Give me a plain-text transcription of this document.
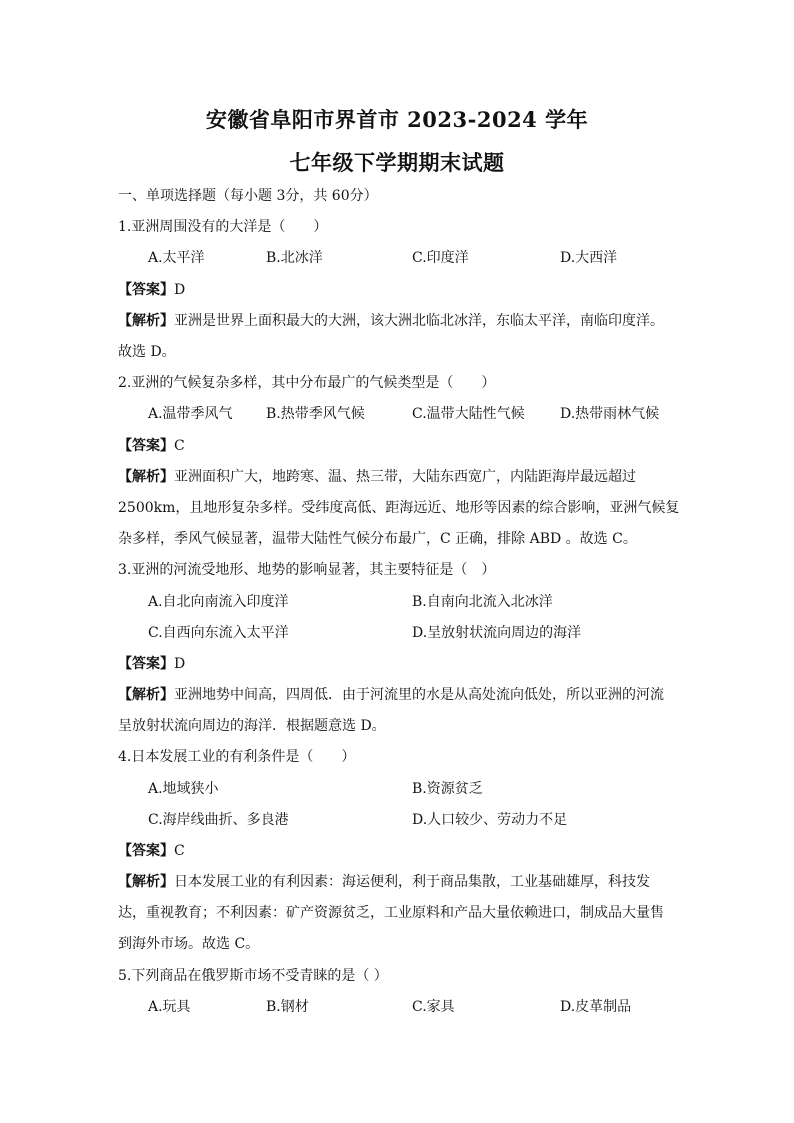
安徽省阜阳市界首市 2023-2024 学年
七年级下学期期末试题
一、单项选择题（每小题 3分，共 60分）
1.亚洲周围没有的大洋是（　　）
A.太平洋	B.北冰洋	C.印度洋	D.大西洋
【答案】D
【解析】亚洲是世界上面积最大的大洲，该大洲北临北冰洋，东临太平洋，南临印度洋。
故选 D。
2.亚洲的气候复杂多样，其中分布最广的气候类型是（　　）
A.温带季风气 B.热带季风气候	C.温带大陆性气候	D.热带雨林气候
【答案】C
【解析】亚洲面积广大，地跨寒、温、热三带，大陆东西宽广，内陆距海岸最远超过
2500km，且地形复杂多样。受纬度高低、距海远近、地形等因素的综合影响，亚洲气候复
杂多样，季风气候显著，温带大陆性气候分布最广，C 正确，排除 ABD 。故选 C。
3.亚洲的河流受地形、地势的影响显著，其主要特征是（　）
A.自北向南流入印度洋	B.自南向北流入北冰洋
C.自西向东流入太平洋	D.呈放射状流向周边的海洋
【答案】D
【解析】亚洲地势中间高，四周低．由于河流里的水是从高处流向低处，所以亚洲的河流
呈放射状流向周边的海洋．根据题意选 D。
4.日本发展工业的有利条件是（　　）
A.地域狭小	B.资源贫乏
C.海岸线曲折、多良港	D.人口较少、劳动力不足
【答案】C
【解析】日本发展工业的有利因素：海运便利，利于商品集散，工业基础雄厚，科技发
达，重视教育；不利因素：矿产资源贫乏，工业原料和产品大量依赖进口，制成品大量售
到海外市场。故选 C。
5.下列商品在俄罗斯市场不受青睐的是（ ）
A.玩具	B.钢材	C.家具	D.皮革制品
